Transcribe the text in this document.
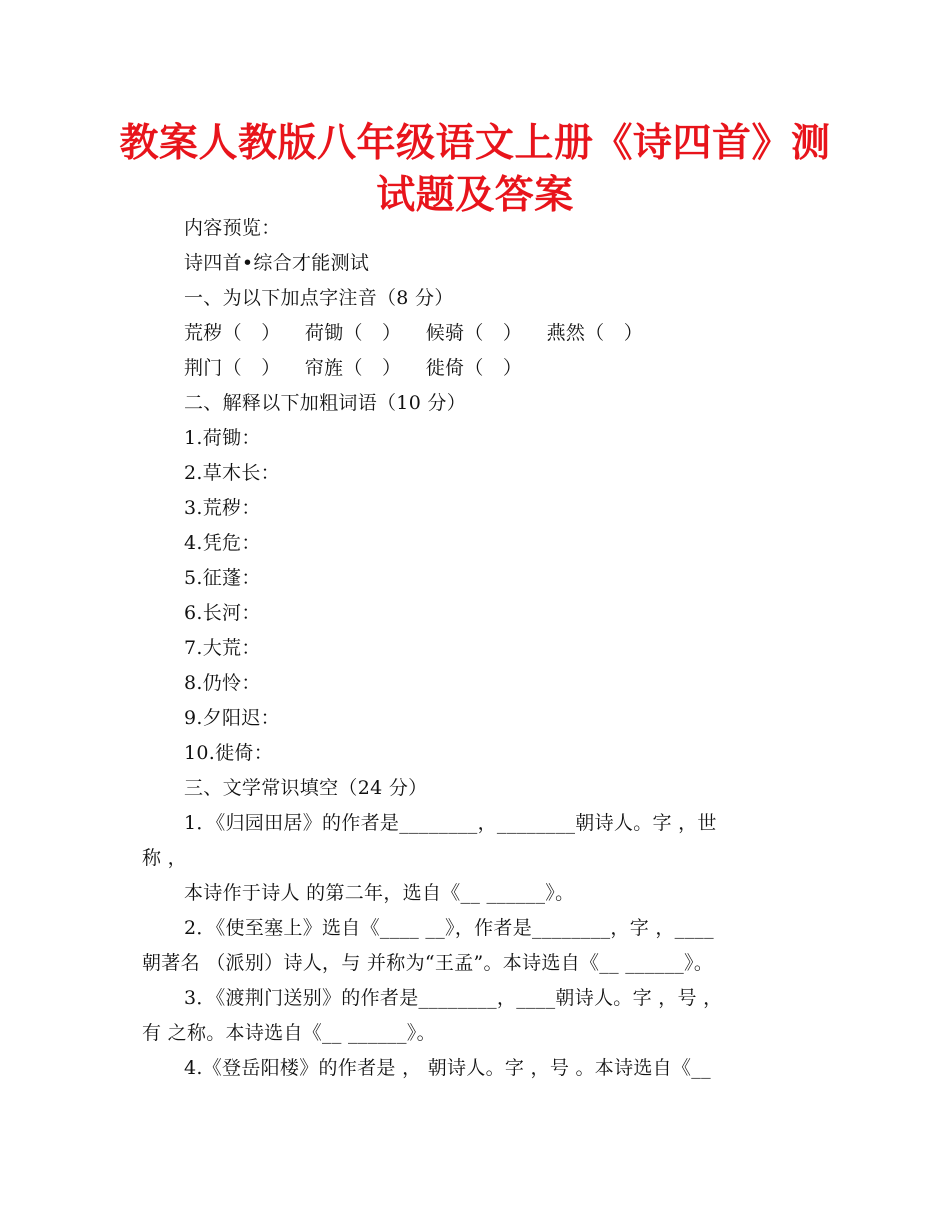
教案人教版八年级语文上册《诗四首》测
试题及答案
内容预览：
诗四首•综合才能测试
一、为以下加点字注音（8 分）
荒秽（　） 荷锄（　） 候骑（　） 燕然（　）
荆门（　） 帘旌（　） 徙倚（　）
二、解释以下加粗词语（10 分）
1.荷锄：
2.草木长：
3.荒秽：
4.凭危：
5.征蓬：
6.长河：
7.大荒：
8.仍怜：
9.夕阳迟：
10.徙倚：
三、文学常识填空（24 分）
1．《归园田居》的作者是________，________朝诗人。字 ，世
称 ，
本诗作于诗人 的第二年，选自《__ ______》。
2．《使至塞上》选自《____ __》，作者是________，字 ，____
朝著名 （派别）诗人，与 并称为“王孟”。本诗选自《__ ______》。
3．《渡荆门送别》的作者是________，____朝诗人。字 ，号 ，
有 之称。本诗选自《__ ______》。
4.《登岳阳楼》的作者是 ， 朝诗人。字 ，号 。本诗选自《__
